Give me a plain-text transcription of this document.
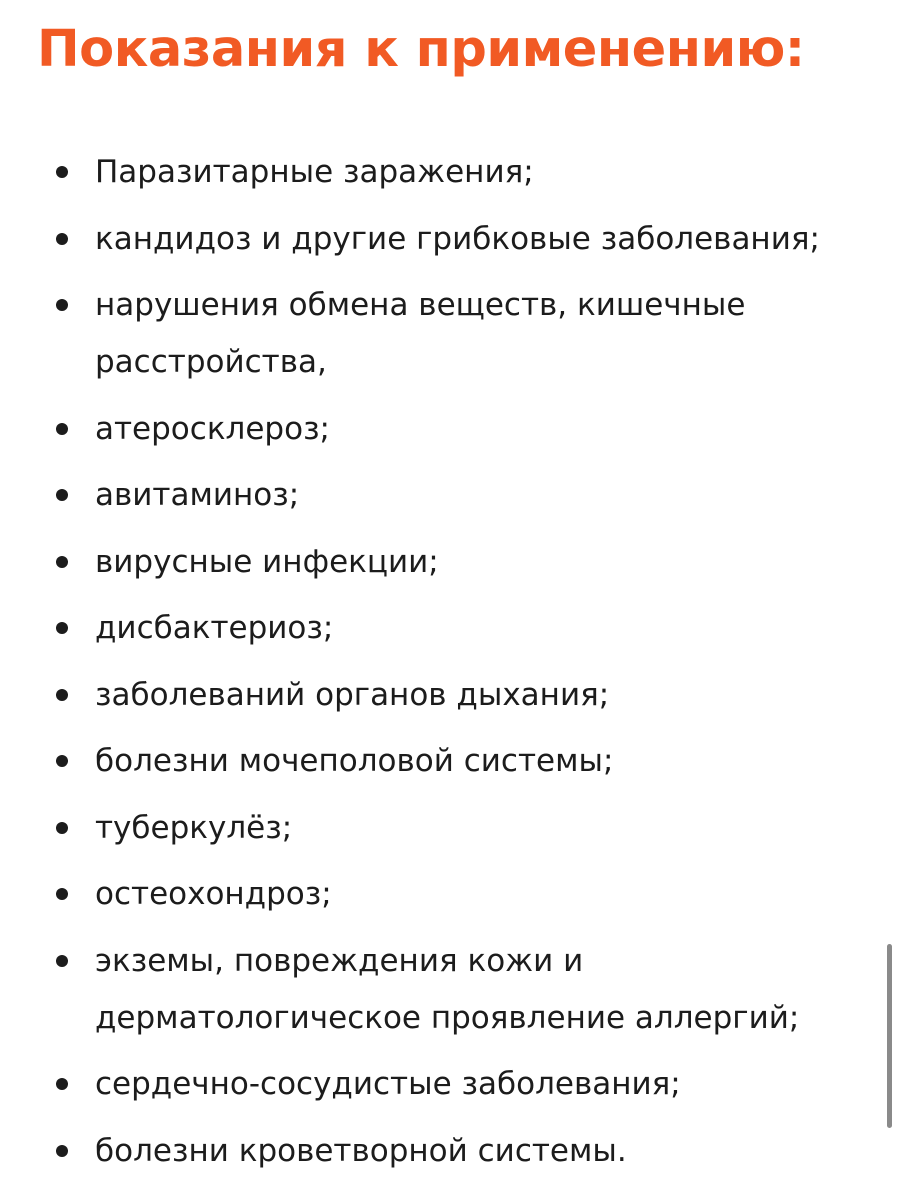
Показания к применению:
Паразитарные заражения;
кандидоз и другие грибковые заболевания;
нарушения обмена веществ, кишечные расстройства,
атеросклероз;
авитаминоз;
вирусные инфекции;
дисбактериоз;
заболеваний органов дыхания;
болезни мочеполовой системы;
туберкулёз;
остеохондроз;
экземы, повреждения кожи и дерматологическое проявление аллергий;
сердечно-сосудистые заболевания;
болезни кроветворной системы.
